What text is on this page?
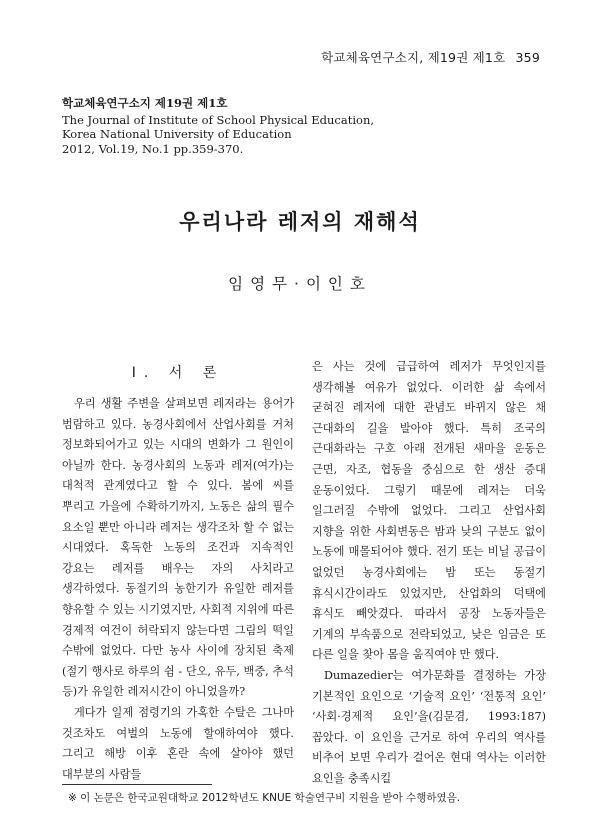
학교체육연구소지, 제19권 제1호 359
학교체육연구소지 제19권 제1호
The Journal of Institute of School Physical Education,
Korea National University of Education
2012, Vol.19, No.1 pp.359-370.
우리나라 레저의 재해석
임영무·이인호
Ⅰ. 서 론

우리 생활 주변을 살펴보면 레저라는 용어가 범람하고 있다. 농경사회에서 산업사회를 거쳐 정보화되어가고 있는 시대의 변화가 그 원인이 아닐까 한다. 농경사회의 노동과 레저(여가)는 대척적 관계였다고 할 수 있다. 봄에 씨를 뿌리고 가을에 수확하기까지, 노동은 삶의 필수 요소일 뿐만 아니라 레저는 생각조차 할 수 없는 시대였다. 혹독한 노동의 조건과 지속적인 강요는 레저를 배우는 자의 사치라고 생각하였다. 동절기의 농한기가 유일한 레저를 향유할 수 있는 시기였지만, 사회적 지위에 따른 경제적 여건이 허락되지 않는다면 그림의 떡일 수밖에 없었다. 다만 농사 사이에 장치된 축제(절기 행사로 하루의 쉼 - 단오, 유두, 백중, 추석 등)가 유일한 레저시간이 아니었을까?

게다가 일제 점령기의 가혹한 수탈은 그나마 것조차도 여벌의 노동에 할애하여야 했다. 그리고 해방 이후 혼란 속에 살아야 했던 대부분의 사람들

은 사는 것에 급급하여 레저가 무엇인지를 생각해볼 여유가 없었다. 이러한 삶 속에서 굳혀진 레저에 대한 관념도 바뀌지 않은 채 근대화의 길을 발아야 했다. 특히 조국의 근대화라는 구호 아래 전개된 새마을 운동은 근면, 자조, 협동을 중심으로 한 생산 증대 운동이었다. 그렇기 때문에 레저는 더욱 일그러질 수밖에 없었다. 그리고 산업사회 지향을 위한 사회변동은 밤과 낮의 구분도 없이 노동에 매몰되어야 했다. 전기 또는 비닐 공급이 없었던 농경사회에는 밤 또는 동절기 휴식시간이라도 있었지만, 산업화의 덕택에 휴식도 빼앗겼다. 따라서 공장 노동자들은 기계의 부속품으로 전락되었고, 낮은 임금은 또 다른 일을 찾아 몸을 움직여야 만 했다.

Dumazedier는 여가문화를 결정하는 가장 기본적인 요인으로 ‘기술적 요인’ ‘전통적 요인’ ‘사회·경제적 요인’을(김문겸, 1993:187) 꼽았다. 이 요인을 근거로 하여 우리의 역사를 비추어 보면 우리가 걸어온 현대 역사는 이러한 요인을 충족시킬

※ 이 논문은 한국교원대학교 2012학년도 KNUE 학술연구비 지원을 받아 수행하였음.
